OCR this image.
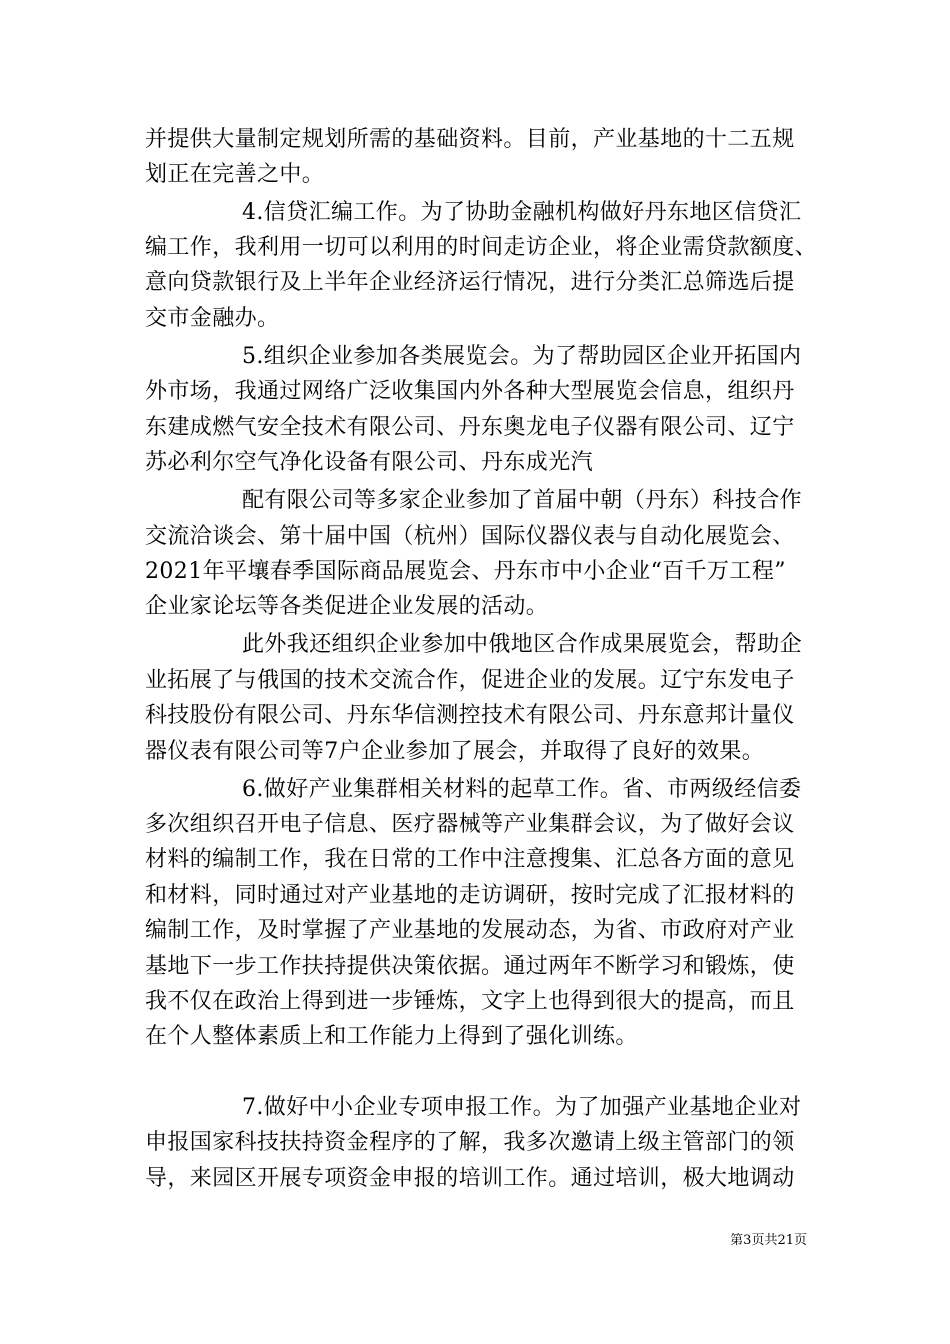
并提供大量制定规划所需的基础资料。目前，产业基地的十二五规
划正在完善之中。
4.信贷汇编工作。为了协助金融机构做好丹东地区信贷汇
编工作，我利用一切可以利用的时间走访企业，将企业需贷款额度、
意向贷款银行及上半年企业经济运行情况，进行分类汇总筛选后提
交市金融办。
5.组织企业参加各类展览会。为了帮助园区企业开拓国内
外市场，我通过网络广泛收集国内外各种大型展览会信息，组织丹
东建成燃气安全技术有限公司、丹东奥龙电子仪器有限公司、辽宁
苏必利尔空气净化设备有限公司、丹东成光汽
配有限公司等多家企业参加了首届中朝（丹东）科技合作
交流洽谈会、第十届中国（杭州）国际仪器仪表与自动化展览会、
2021年平壤春季国际商品展览会、丹东市中小企业“百千万工程”
企业家论坛等各类促进企业发展的活动。
此外我还组织企业参加中俄地区合作成果展览会，帮助企
业拓展了与俄国的技术交流合作，促进企业的发展。辽宁东发电子
科技股份有限公司、丹东华信测控技术有限公司、丹东意邦计量仪
器仪表有限公司等7户企业参加了展会，并取得了良好的效果。
6.做好产业集群相关材料的起草工作。省、市两级经信委
多次组织召开电子信息、医疗器械等产业集群会议，为了做好会议
材料的编制工作，我在日常的工作中注意搜集、汇总各方面的意见
和材料，同时通过对产业基地的走访调研，按时完成了汇报材料的
编制工作，及时掌握了产业基地的发展动态，为省、市政府对产业
基地下一步工作扶持提供决策依据。通过两年不断学习和锻炼，使
我不仅在政治上得到进一步锤炼，文字上也得到很大的提高，而且
在个人整体素质上和工作能力上得到了强化训练。
7.做好中小企业专项申报工作。为了加强产业基地企业对
申报国家科技扶持资金程序的了解，我多次邀请上级主管部门的领
导，来园区开展专项资金申报的培训工作。通过培训，极大地调动
第3页共21页
